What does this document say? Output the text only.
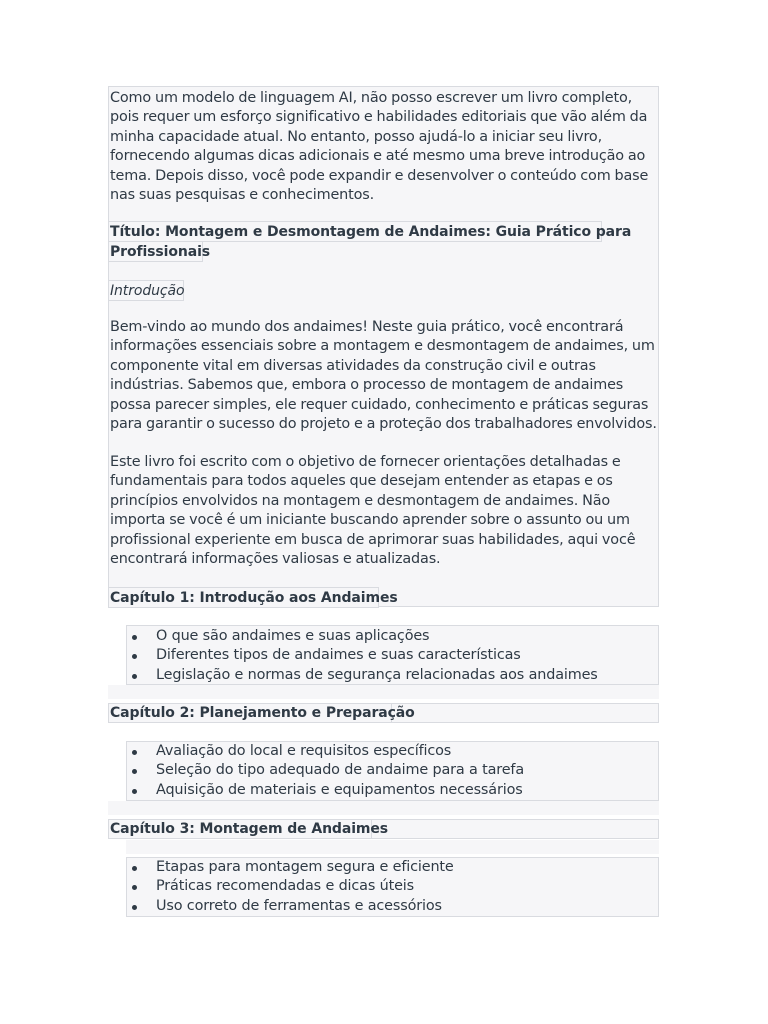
Como um modelo de linguagem AI, não posso escrever um livro completo, pois requer um esforço significativo e habilidades editoriais que vão além da minha capacidade atual. No entanto, posso ajudá-lo a iniciar seu livro, fornecendo algumas dicas adicionais e até mesmo uma breve introdução ao tema. Depois disso, você pode expandir e desenvolver o conteúdo com base nas suas pesquisas e conhecimentos.

Título: Montagem e Desmontagem de Andaimes: Guia Prático para
Profissionais
Introdução

Bem-vindo ao mundo dos andaimes! Neste guia prático, você encontrará informações essenciais sobre a montagem e desmontagem de andaimes, um componente vital em diversas atividades da construção civil e outras indústrias. Sabemos que, embora o processo de montagem de andaimes possa parecer simples, ele requer cuidado, conhecimento e práticas seguras para garantir o sucesso do projeto e a proteção dos trabalhadores envolvidos.

Este livro foi escrito com o objetivo de fornecer orientações detalhadas e fundamentais para todos aqueles que desejam entender as etapas e os princípios envolvidos na montagem e desmontagem de andaimes. Não importa se você é um iniciante buscando aprender sobre o assunto ou um profissional experiente em busca de aprimorar suas habilidades, aqui você encontrará informações valiosas e atualizadas.

Capítulo 1: Introdução aos Andaimes
O que são andaimes e suas aplicações
Diferentes tipos de andaimes e suas características
Legislação e normas de segurança relacionadas aos andaimes
Capítulo 2: Planejamento e Preparação
Avaliação do local e requisitos específicos
Seleção do tipo adequado de andaime para a tarefa
Aquisição de materiais e equipamentos necessários
Capítulo 3: Montagem de Andaimes
Etapas para montagem segura e eficiente
Práticas recomendadas e dicas úteis
Uso correto de ferramentas e acessórios
